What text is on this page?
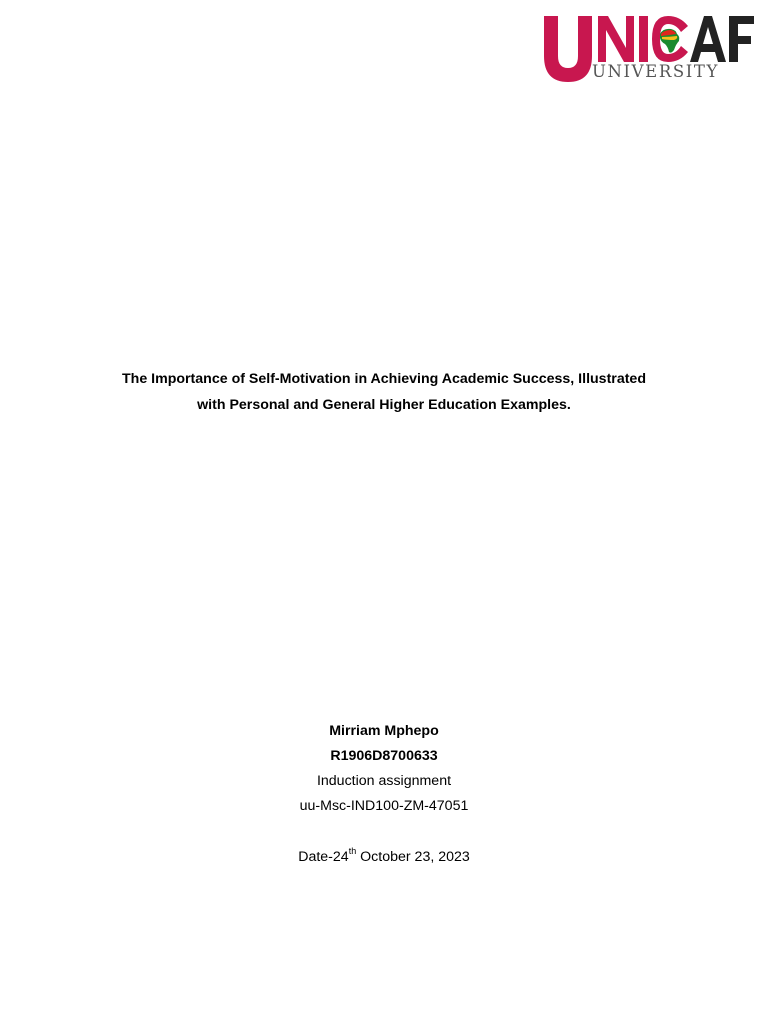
UNIVERSITY
The Importance of Self-Motivation in Achieving Academic Success, Illustrated
with Personal and General Higher Education Examples.
Mirriam Mphepo
R1906D8700633
Induction assignment
uu-Msc-IND100-ZM-47051
Date-24th October 23, 2023
